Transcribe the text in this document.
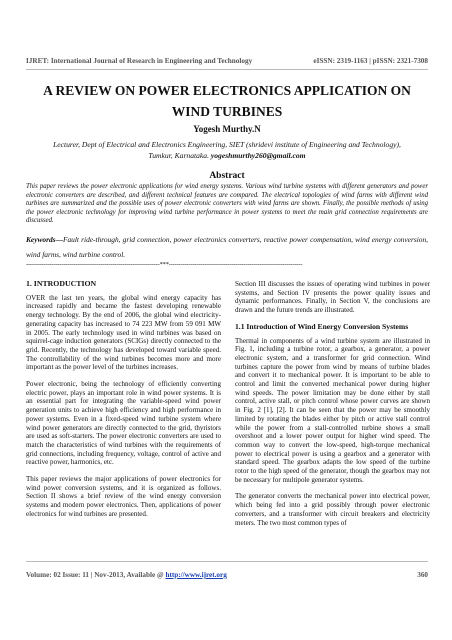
IJRET: International Journal of Research in Engineering and Technology	eISSN: 2319-1163 | pISSN: 2321-7308
A REVIEW ON POWER ELECTRONICS APPLICATION ON WIND TURBINES
Yogesh Murthy.N
Lecturer, Dept of Electrical and Electronics Engineering, SIET (shridevi institute of Engineering and Technology),
Tumkur, Karnataka. yogeshmurthy260@gmail.com
Abstract
This paper reviews the power electronic applications for wind energy systems. Various wind turbine systems with different generators and power electronic converters are described, and different technical features are compared. The electrical topologies of wind farms with different wind turbines are summarized and the possible uses of power electronic converters with wind farms are shown. Finally, the possible methods of using the power electronic technology for improving wind turbine performance in power systems to meet the main grid connection requirements are discussed.
Keywords—Fault ride-through, grid connection, power electronics converters, reactive power compensation, wind energy conversion, wind farms, wind turbine control.
--------------------------------------------------------------------***--------------------------------------------------------------------
1. INTRODUCTION

OVER the last ten years, the global wind energy capacity has increased rapidly and became the fastest developing renewable energy technology. By the end of 2006, the global wind electricity-generating capacity has increased to 74 223 MW from 59 091 MW in 2005. The early technology used in wind turbines was based on squirrel-cage induction generators (SCIGs) directly connected to the grid. Recently, the technology has developed toward variable speed. The controllability of the wind turbines becomes more and more important as the power level of the turbines increases.

Power electronic, being the technology of efficiently converting electric power, plays an important role in wind power systems. It is an essential part for integrating the variable-speed wind power generation units to achieve high efficiency and high performance in power systems. Even in a fixed-speed wind turbine system where wind power generators are directly connected to the grid, thyristors are used as soft-starters. The power electronic converters are used to match the characteristics of wind turbines with the requirements of grid connections, including frequency, voltage, control of active and reactive power, harmonics, etc.

This paper reviews the major applications of power electronics for wind power conversion systems, and it is organized as follows. Section II shows a brief review of the wind energy conversion systems and modern power electronics. Then, applications of power electronics for wind turbines are presented.

Section III discusses the issues of operating wind turbines in power systems, and Section IV presents the power quality issues and dynamic performances. Finally, in Section V, the conclusions are drawn and the future trends are illustrated.

1.1 Introduction of Wind Energy Conversion Systems

Thermal in components of a wind turbine system are illustrated in Fig. 1, including a turbine rotor, a gearbox, a generator, a power electronic system, and a transformer for grid connection. Wind turbines capture the power from wind by means of turbine blades and convert it to mechanical power. It is important to be able to control and limit the converted mechanical power during higher wind speeds. The power limitation may be done either by stall control, active stall, or pitch control whose power curves are shown in Fig. 2 [1], [2]. It can be seen that the power may be smoothly limited by rotating the blades either by pitch or active stall control while the power from a stall-controlled turbine shows a small overshoot and a lower power output for higher wind speed. The common way to convert the low-speed, high-torque mechanical power to electrical power is using a gearbox and a generator with standard speed. The gearbox adapts the low speed of the turbine rotor to the high speed of the generator, though the gearbox may not be necessary for multipole generator systems.

The generator converts the mechanical power into electrical power, which being fed into a grid possibly through power electronic converters, and a transformer with circuit breakers and electricity meters. The two most common types of

Volume: 02 Issue: 11 | Nov-2013, Available @ http://www.ijret.org	360
